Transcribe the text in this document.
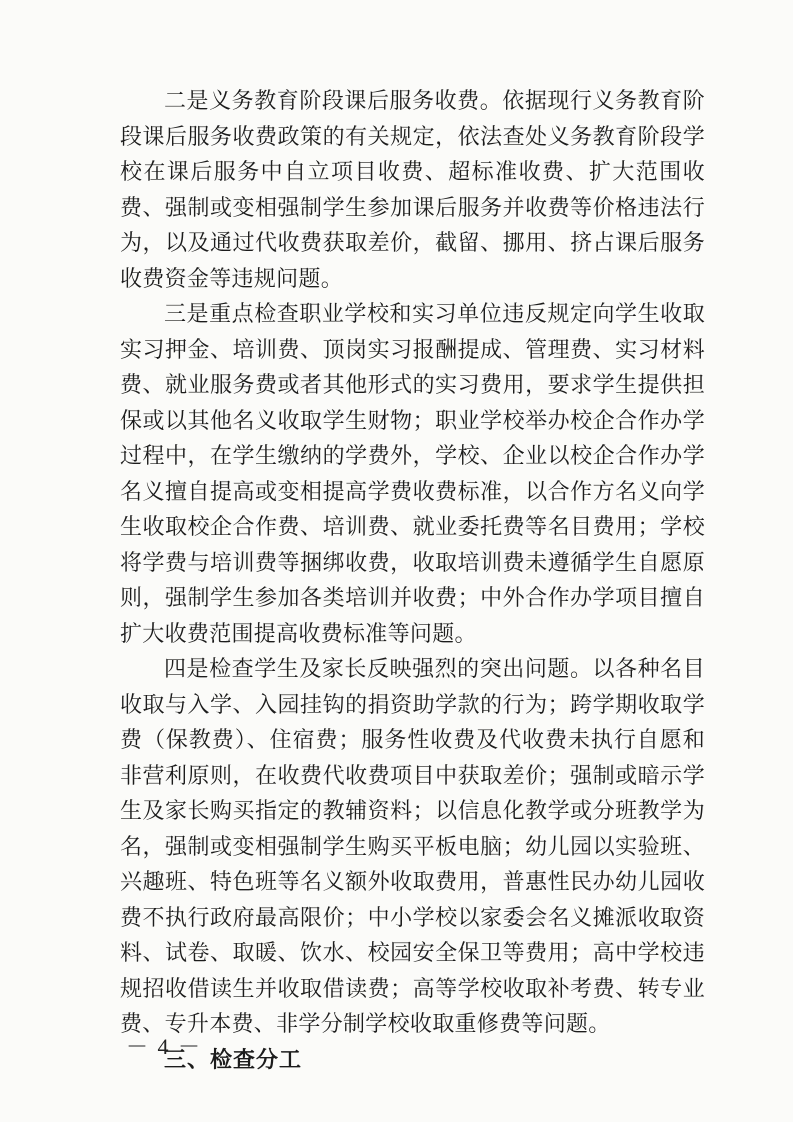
二是义务教育阶段课后服务收费。依据现行义务教育阶段课后服务收费政策的有关规定，依法查处义务教育阶段学校在课后服务中自立项目收费、超标准收费、扩大范围收费、强制或变相强制学生参加课后服务并收费等价格违法行为，以及通过代收费获取差价，截留、挪用、挤占课后服务收费资金等违规问题。

三是重点检查职业学校和实习单位违反规定向学生收取实习押金、培训费、顶岗实习报酬提成、管理费、实习材料费、就业服务费或者其他形式的实习费用，要求学生提供担保或以其他名义收取学生财物；职业学校举办校企合作办学过程中，在学生缴纳的学费外，学校、企业以校企合作办学名义擅自提高或变相提高学费收费标准，以合作方名义向学生收取校企合作费、培训费、就业委托费等名目费用；学校将学费与培训费等捆绑收费，收取培训费未遵循学生自愿原则，强制学生参加各类培训并收费；中外合作办学项目擅自扩大收费范围提高收费标准等问题。

四是检查学生及家长反映强烈的突出问题。以各种名目收取与入学、入园挂钩的捐资助学款的行为；跨学期收取学费（保教费）、住宿费；服务性收费及代收费未执行自愿和非营利原则，在收费代收费项目中获取差价；强制或暗示学生及家长购买指定的教辅资料；以信息化教学或分班教学为名，强制或变相强制学生购买平板电脑；幼儿园以实验班、兴趣班、特色班等名义额外收取费用，普惠性民办幼儿园收费不执行政府最高限价；中小学校以家委会名义摊派收取资料、试卷、取暖、饮水、校园安全保卫等费用；高中学校违规招收借读生并收取借读费；高等学校收取补考费、转专业费、专升本费、非学分制学校收取重修费等问题。

三、检查分工

－ 4 －
